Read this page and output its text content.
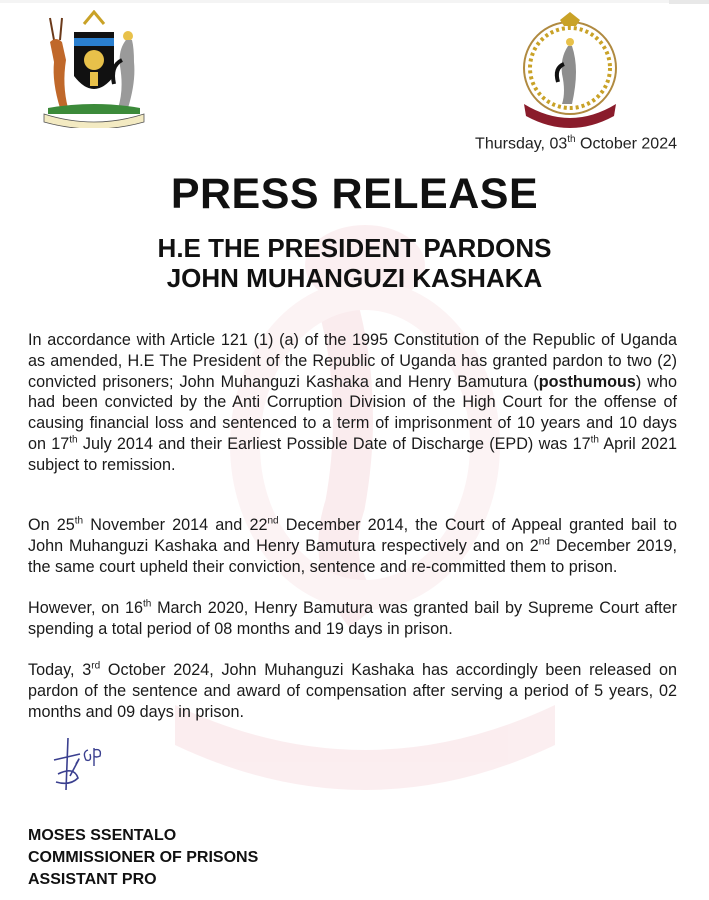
Thursday, 03th October 2024
PRESS RELEASE
H.E THE PRESIDENT PARDONS
JOHN MUHANGUZI KASHAKA
In accordance with Article 121 (1) (a) of the 1995 Constitution of the Republic of Uganda as amended, H.E The President of the Republic of Uganda has granted pardon to two (2) convicted prisoners; John Muhanguzi Kashaka and Henry Bamutura (posthumous) who had been convicted by the Anti Corruption Division of the High Court for the offense of causing financial loss and sentenced to a term of imprisonment of 10 years and 10 days on 17th July 2014 and their Earliest Possible Date of Discharge (EPD) was 17th April 2021 subject to remission.
On 25th November 2014 and 22nd December 2014, the Court of Appeal granted bail to John Muhanguzi Kashaka and Henry Bamutura respectively and on 2nd December 2019, the same court upheld their conviction, sentence and re-committed them to prison.
However, on 16th March 2020, Henry Bamutura was granted bail by Supreme Court after spending a total period of 08 months and 19 days in prison.
Today, 3rd October 2024, John Muhanguzi Kashaka has accordingly been released on pardon of the sentence and award of compensation after serving a period of 5 years, 02 months and 09 days in prison.
MOSES SSENTALO
COMMISSIONER OF PRISONS
ASSISTANT PRO
